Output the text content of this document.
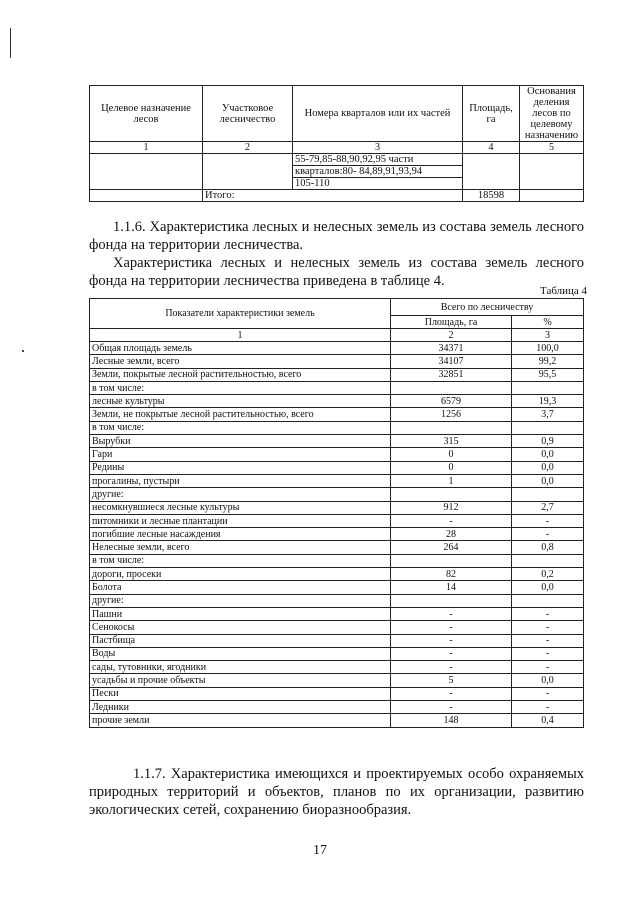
Целевое назначение лесов	Участковое лесничество	Номера кварталов или их частей	Площадь, га	Основания деления лесов по целевому назначению
1	2	3	4	5
		55-79,85-88,90,92,95 части		
		кварталов:80- 84,89,91,93,94		
		105-110		
	Итого:		18598	
1.1.6. Характеристика лесных и нелесных земель из состава земель лесного фонда на территории лесничества.
Характеристика лесных и нелесных земель из состава земель лесного фонда на территории лесничества приведена в таблице 4.
Таблица 4
Показатели характеристики земель	Всего по лесничеству	
	Площадь, га	%
1	2	3
Общая площадь земель	34371	100,0
Лесные земли, всего	34107	99,2
Земли, покрытые лесной растительностью, всего	32851	95,5
в том числе:		
лесные культуры	6579	19,3
Земли, не покрытые лесной растительностью, всего	1256	3,7
в том числе:		
Вырубки	315	0,9
Гари	0	0,0
Редины	0	0,0
прогалины, пустыри	1	0,0
другие:		
несомкнувшиеся лесные культуры	912	2,7
питомники и лесные плантации	-	-
погибшие лесные насаждения	28	-
Нелесные земли, всего	264	0,8
в том числе:		
дороги, просеки	82	0,2
Болота	14	0,0
другие:		
Пашни	-	-
Сенокосы	-	-
Пастбища	-	-
Воды	-	-
сады, тутовники, ягодники	-	-
усадьбы и прочие объекты	5	0,0
Пески	-	-
Ледники	-	-
прочие земли	148	0,4
1.1.7. Характеристика имеющихся и проектируемых особо охраняемых природных территорий и объектов, планов по их организации, развитию экологических сетей, сохранению биоразнообразия.
17
